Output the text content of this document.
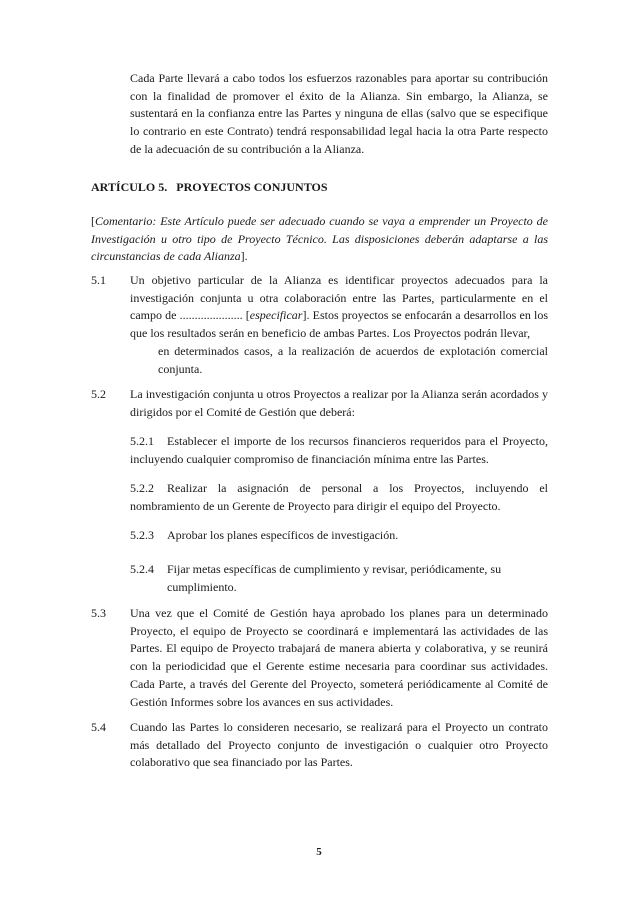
Cada Parte llevará a cabo todos los esfuerzos razonables para aportar su contribución con la finalidad de promover el éxito de la Alianza. Sin embargo, la Alianza, se sustentará en la confianza entre las Partes y ninguna de ellas (salvo que se especifique lo contrario en este Contrato) tendrá responsabilidad legal hacia la otra Parte respecto de la adecuación de su contribución a la Alianza.
ARTÍCULO 5.   PROYECTOS CONJUNTOS
[Comentario: Este Artículo puede ser adecuado cuando se vaya a emprender un Proyecto de Investigación u otro tipo de Proyecto Técnico. Las disposiciones deberán adaptarse a las circunstancias de cada Alianza].
5.1 Un objetivo particular de la Alianza es identificar proyectos adecuados para la investigación conjunta u otra colaboración entre las Partes, particularmente en el campo de ..................... [especificar]. Estos proyectos se enfocarán a desarrollos en los que los resultados serán en beneficio de ambas Partes. Los Proyectos podrán llevar,
en determinados casos, a la realización de acuerdos de explotación comercial conjunta.
5.2 La investigación conjunta u otros Proyectos a realizar por la Alianza serán acordados y dirigidos por el Comité de Gestión que deberá:
5.2.1	Establecer el importe de los recursos financieros requeridos para el Proyecto, incluyendo cualquier compromiso de financiación mínima entre las Partes.
5.2.2	Realizar la asignación de personal a los Proyectos, incluyendo el nombramiento de un Gerente de Proyecto para dirigir el equipo del Proyecto.
5.2.3 Aprobar los planes específicos de investigación.
5.2.4 Fijar metas específicas de cumplimiento y revisar, periódicamente, su
cumplimiento.
5.3 Una vez que el Comité de Gestión haya aprobado los planes para un determinado Proyecto, el equipo de Proyecto se coordinará e implementará las actividades de las Partes. El equipo de Proyecto trabajará de manera abierta y colaborativa, y se reunirá con la periodicidad que el Gerente estime necesaria para coordinar sus actividades. Cada Parte, a través del Gerente del Proyecto, someterá periódicamente al Comité de Gestión Informes sobre los avances en sus actividades.
5.4 Cuando las Partes lo consideren necesario, se realizará para el Proyecto un contrato más detallado del Proyecto conjunto de investigación o cualquier otro Proyecto colaborativo que sea financiado por las Partes.
5
